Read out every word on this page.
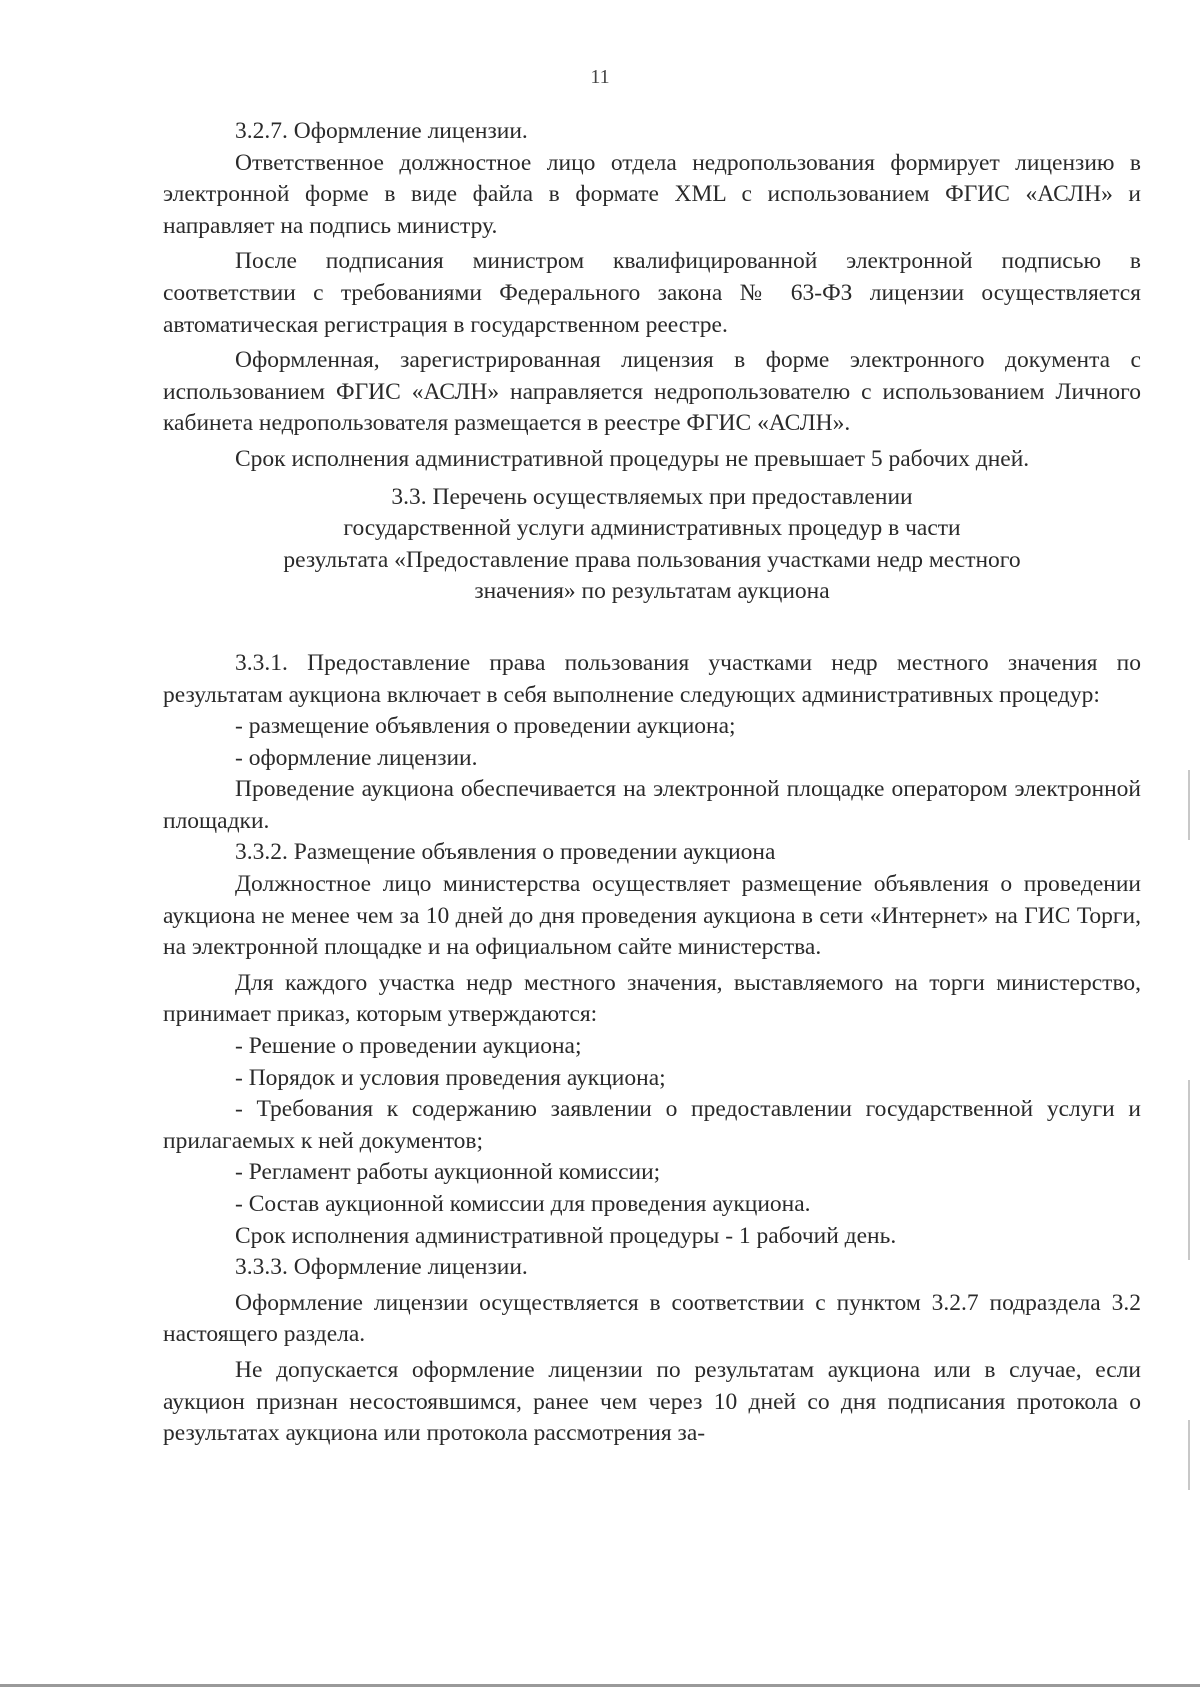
11

3.2.7. Оформление лицензии.

Ответственное должностное лицо отдела недропользования формирует лицензию в электронной форме в виде файла в формате XML с использованием ФГИС «АСЛН» и направляет на подпись министру.

После подписания министром квалифицированной электронной подписью в соответствии с требованиями Федерального закона № 63-ФЗ лицензии осуществляется автоматическая регистрация в государственном реестре.

Оформленная, зарегистрированная лицензия в форме электронного документа с использованием ФГИС «АСЛН» направляется недропользователю с использованием Личного кабинета недропользователя размещается в реестре ФГИС «АСЛН».

Срок исполнения административной процедуры не превышает 5 рабочих дней.

3.3. Перечень осуществляемых при предоставлении
государственной услуги административных процедур в части
результата «Предоставление права пользования участками недр местного
значения» по результатам аукциона

3.3.1. Предоставление права пользования участками недр местного значения по результатам аукциона включает в себя выполнение следующих административных процедур:

- размещение объявления о проведении аукциона;

- оформление лицензии.

Проведение аукциона обеспечивается на электронной площадке оператором электронной площадки.

3.3.2. Размещение объявления о проведении аукциона

Должностное лицо министерства осуществляет размещение объявления о проведении аукциона не менее чем за 10 дней до дня проведения аукциона в сети «Интернет» на ГИС Торги, на электронной площадке и на официальном сайте министерства.

Для каждого участка недр местного значения, выставляемого на торги министерство, принимает приказ, которым утверждаются:

- Решение о проведении аукциона;

- Порядок и условия проведения аукциона;

- Требования к содержанию заявлении о предоставлении государственной услуги и прилагаемых к ней документов;

- Регламент работы аукционной комиссии;

- Состав аукционной комиссии для проведения аукциона.

Срок исполнения административной процедуры - 1 рабочий день.

3.3.3. Оформление лицензии.

Оформление лицензии осуществляется в соответствии с пунктом 3.2.7 подраздела 3.2 настоящего раздела.

Не допускается оформление лицензии по результатам аукциона или в случае, если аукцион признан несостоявшимся, ранее чем через 10 дней со дня подписания протокола о результатах аукциона или протокола рассмотрения за-
